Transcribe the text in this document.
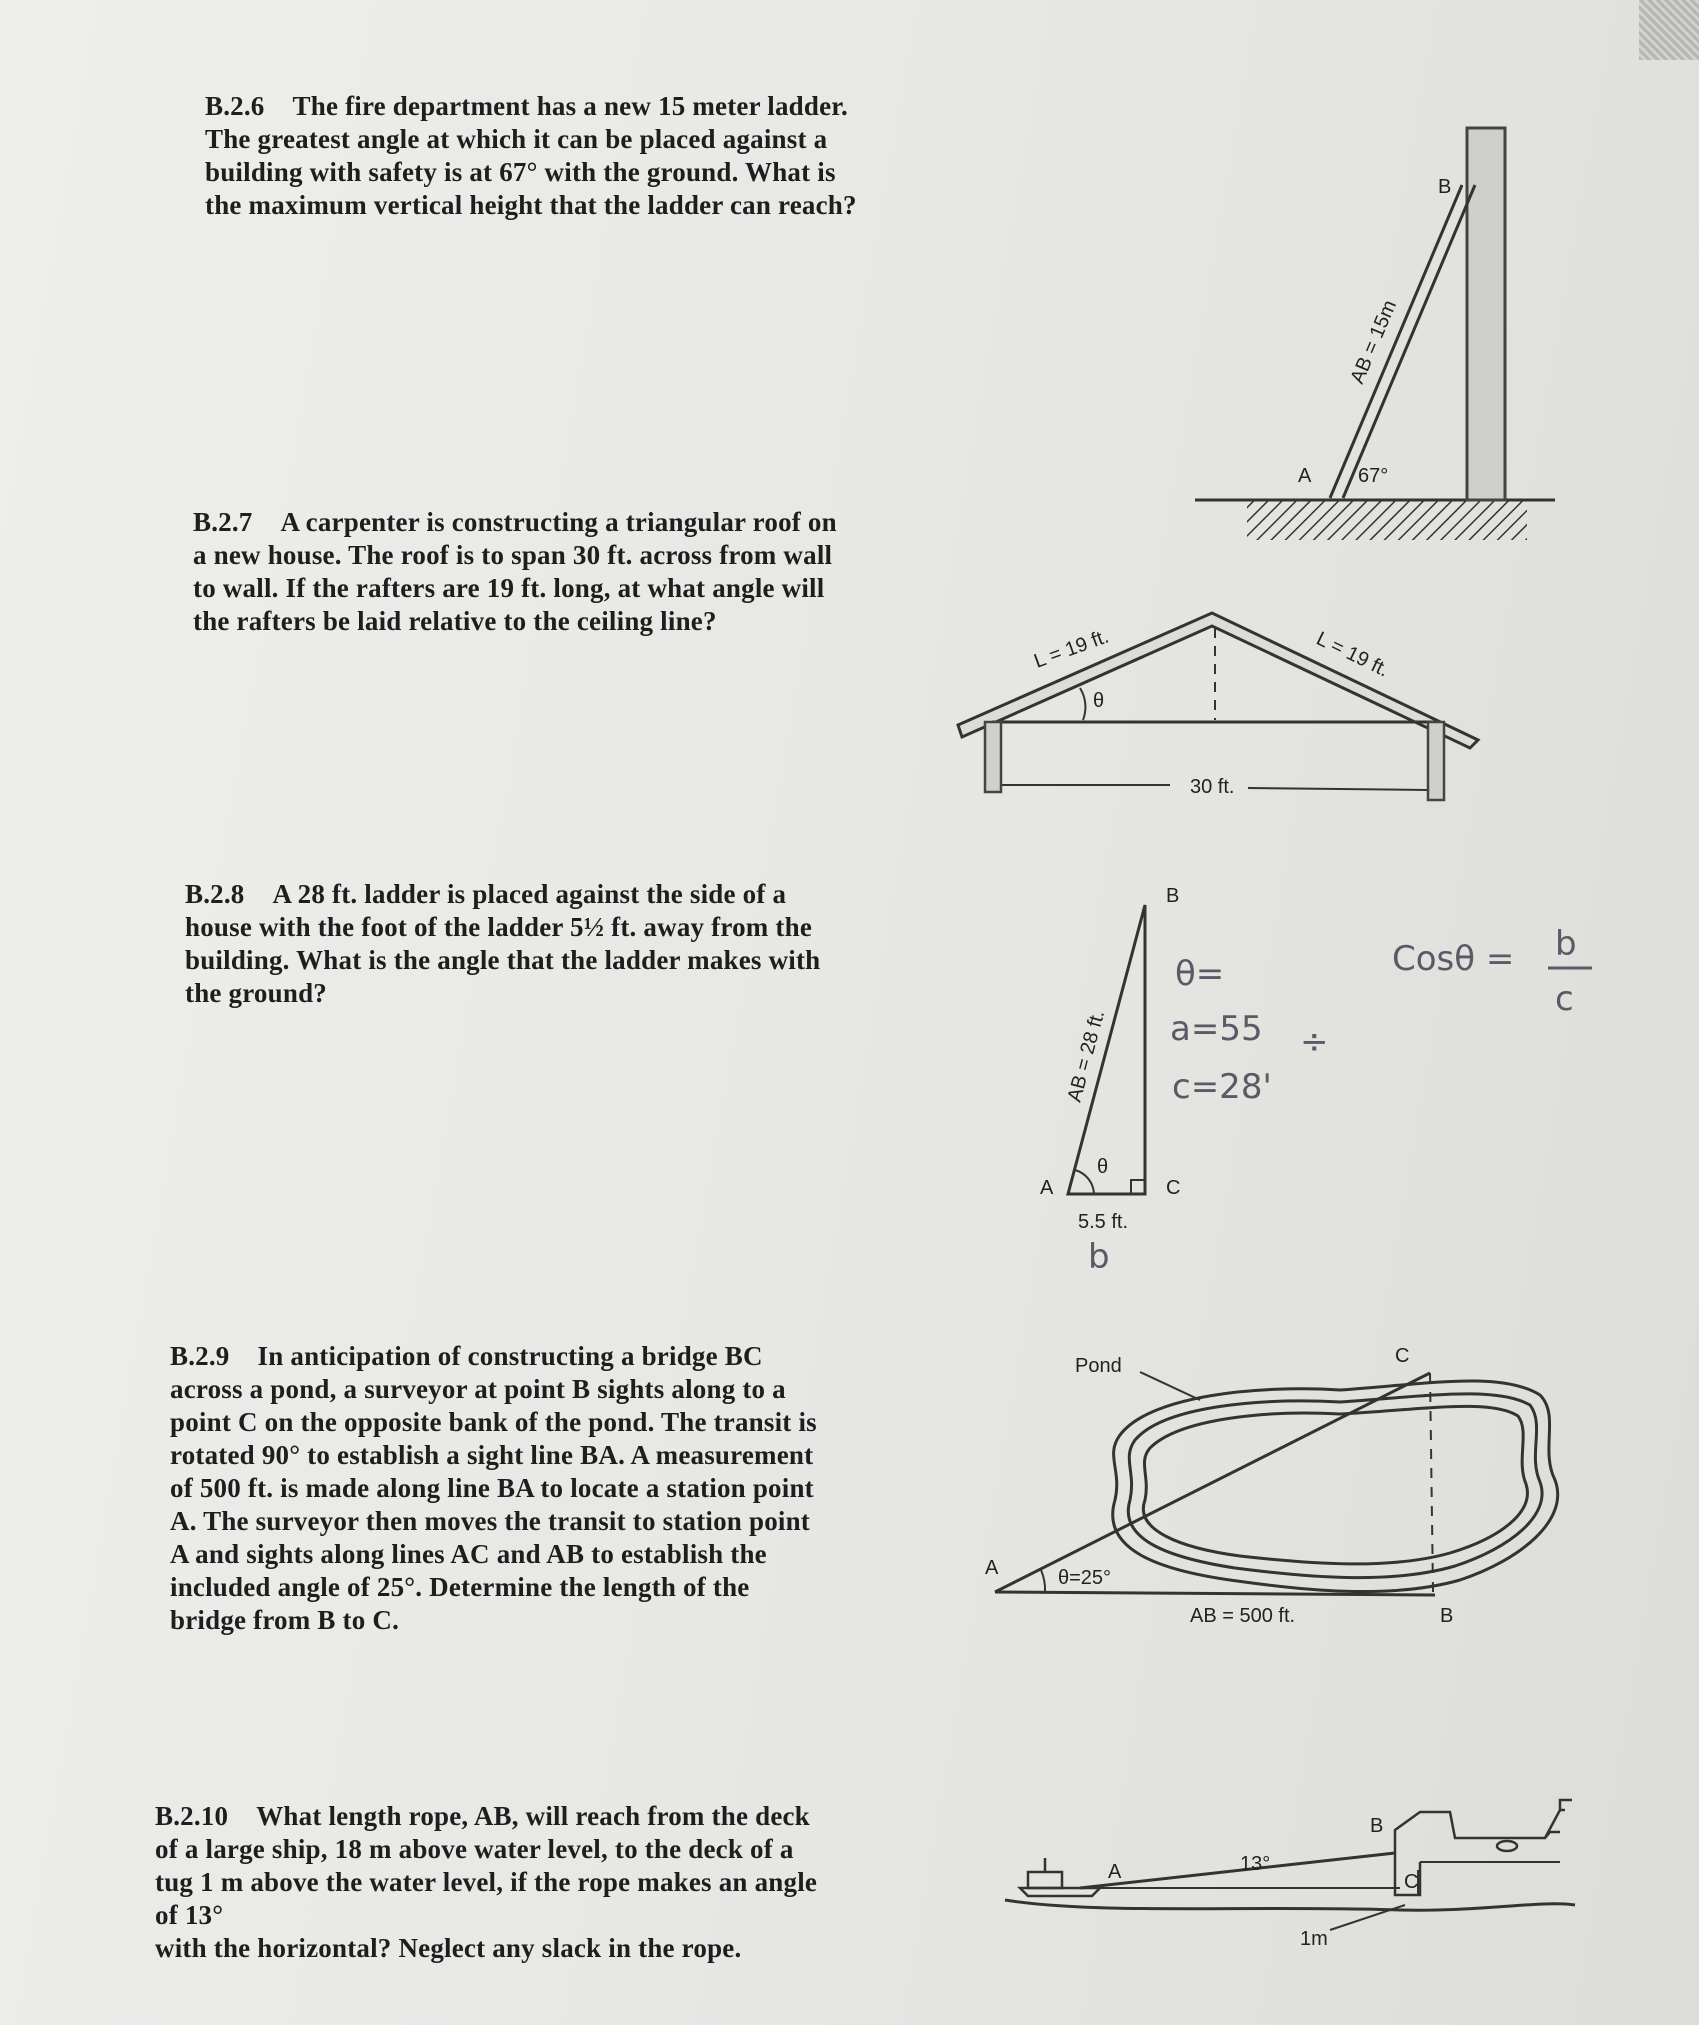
B.2.6 The fire department has a new 15 meter ladder.
The greatest angle at which it can be placed against a
building with safety is at 67° with the ground. What is
the maximum vertical height that the ladder can reach?
B.2.7 A carpenter is constructing a triangular roof on
a new house. The roof is to span 30 ft. across from wall
to wall. If the rafters are 19 ft. long, at what angle will
the rafters be laid relative to the ceiling line?
B.2.8 A 28 ft. ladder is placed against the side of a
house with the foot of the ladder 5½ ft. away from the
building. What is the angle that the ladder makes with
the ground?
B.2.9 In anticipation of constructing a bridge BC
across a pond, a surveyor at point B sights along to a
point C on the opposite bank of the pond. The transit is
rotated 90° to establish a sight line BA. A measurement
of 500 ft. is made along line BA to locate a station point
A. The surveyor then moves the transit to station point
A and sights along lines AC and AB to establish the
included angle of 25°. Determine the length of the
bridge from B to C.
B.2.10 What length rope, AB, will reach from the deck
of a large ship, 18 m above water level, to the deck of a
tug 1 m above the water level, if the rope makes an angle
of 13°
with the horizontal? Neglect any slack in the rope.
B
A 67°
AB = 15m
θ
L = 19 ft.	L = 19 ft.
30 ft.
θ
B
A	C
5.5 ft.
AB = 28 ft.
b
θ=
a=55
c=28'
÷
Cosθ = b
c
Pond
A
B
C
θ=25°
AB = 500 ft.
A
B
C
13°
1m
